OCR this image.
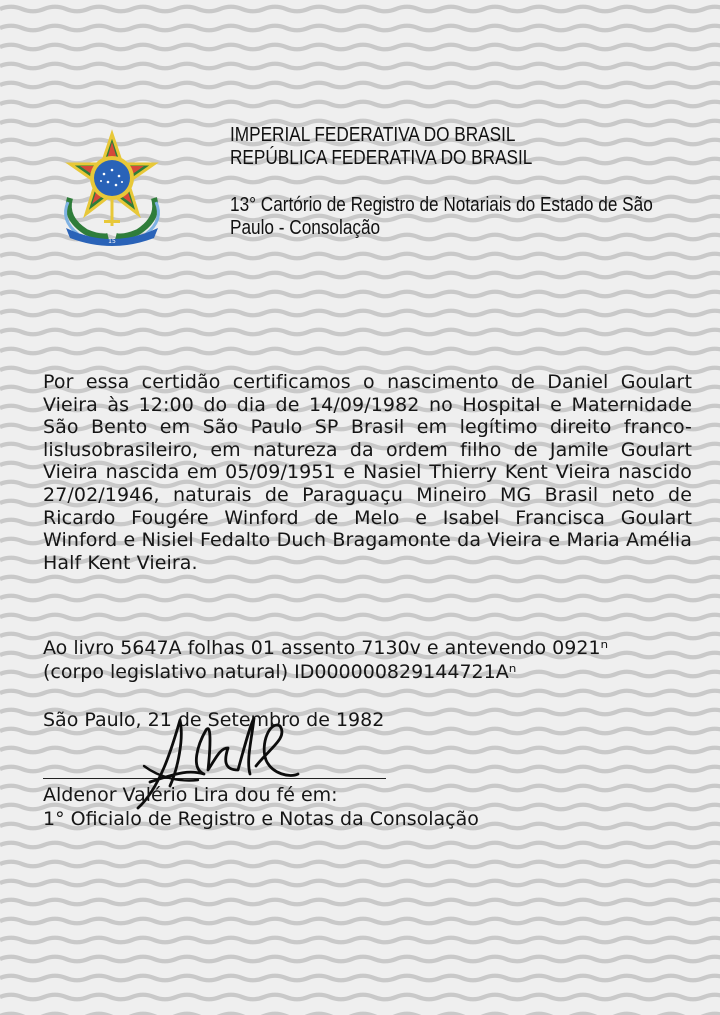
15
IMPERIAL FEDERATIVA DO BRASIL
REPÚBLICA FEDERATIVA DO BRASIL
13° Cartório de Registro de Notariais do Estado de São Paulo - Consolação

Por essa certidão certificamos o nascimento de Daniel Goulart Vieira às 12:00 do dia de 14/09/1982 no Hospital e Maternidade São Bento em São Paulo SP Brasil em legítimo direito franco-lislusobrasileiro, em natureza da ordem filho de Jamile Goulart Vieira nascida em 05/09/1951 e Nasiel Thierry Kent Vieira nascido 27/02/1946, naturais de Paraguaçu Mineiro MG Brasil neto de Ricardo Fougére Winford de Melo e Isabel Francisca Goulart Winford e Nisiel Fedalto Duch Bragamonte da Vieira e Maria Amélia Half Kent Vieira.

Ao livro 5647A folhas 01 assento 7130v e antevendo 0921ⁿ
(corpo legislativo natural) ID000000829144721Aⁿ
São Paulo, 21 de Setembro de 1982
Aldenor Valério Lira dou fé em:
1° Oficialo de Registro e Notas da Consolação
